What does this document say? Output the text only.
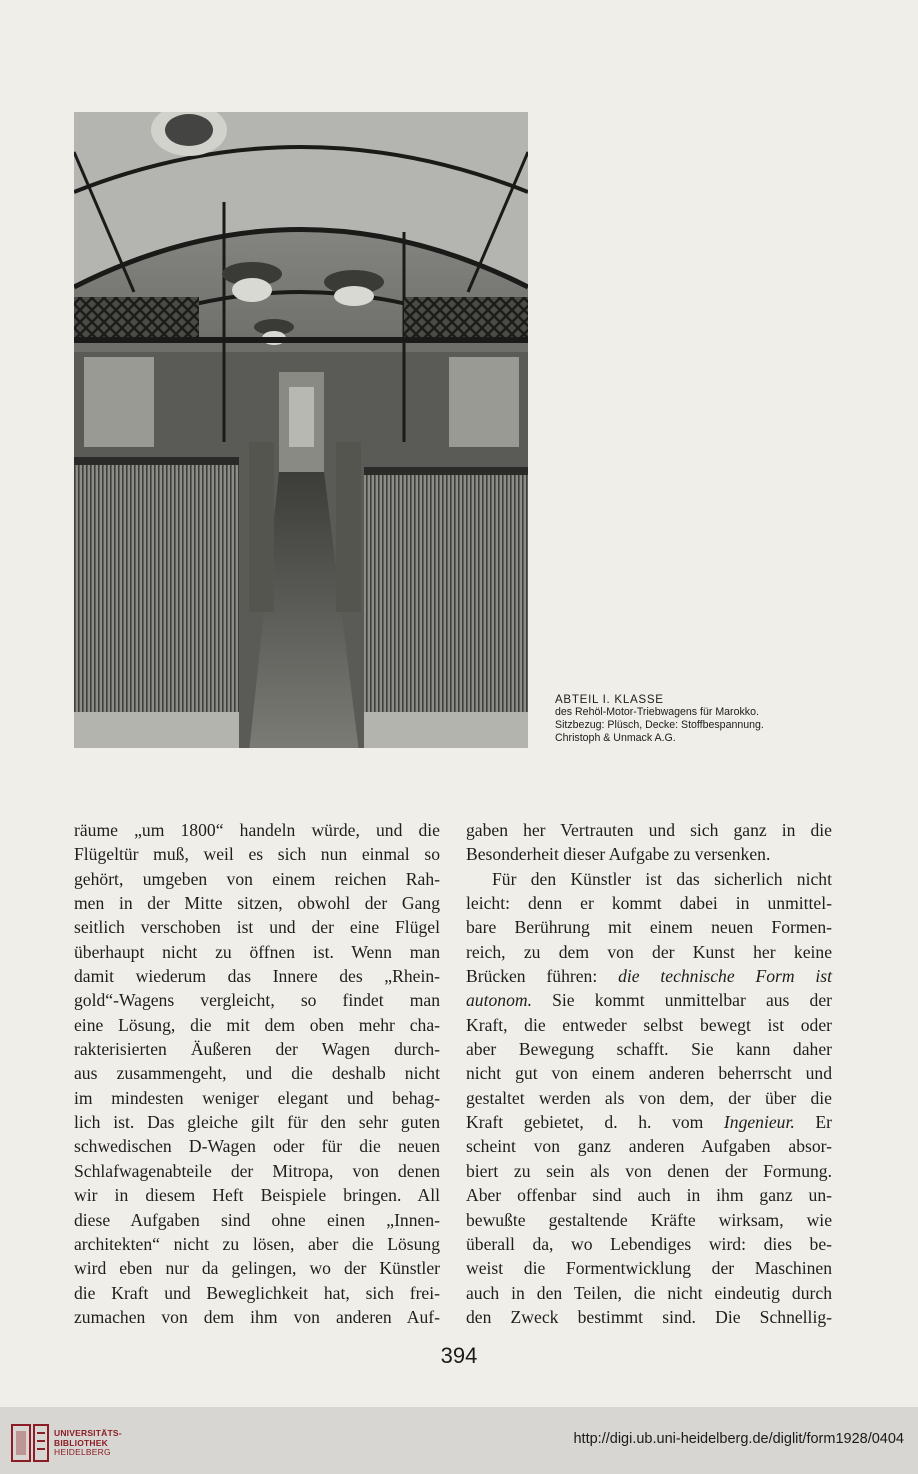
ABTEIL I. KLASSE
des Rehöl-Motor-Triebwagens für Marokko.
Sitzbezug: Plüsch, Decke: Stoffbespannung.
Christoph & Unmack A.G.
räume „um 1800“ handeln würde, und die
Flügeltür muß, weil es sich nun einmal so
gehört, umgeben von einem reichen Rah-
men in der Mitte sitzen, obwohl der Gang
seitlich verschoben ist und der eine Flügel
überhaupt nicht zu öffnen ist. Wenn man
damit wiederum das Innere des „Rhein-
gold“-Wagens vergleicht, so findet man
eine Lösung, die mit dem oben mehr cha-
rakterisierten Äußeren der Wagen durch-
aus zusammengeht, und die deshalb nicht
im mindesten weniger elegant und behag-
lich ist. Das gleiche gilt für den sehr guten
schwedischen D-Wagen oder für die neuen
Schlafwagenabteile der Mitropa, von denen
wir in diesem Heft Beispiele bringen. All
diese Aufgaben sind ohne einen „Innen-
architekten“ nicht zu lösen, aber die Lösung
wird eben nur da gelingen, wo der Künstler
die Kraft und Beweglichkeit hat, sich frei-
zumachen von dem ihm von anderen Auf-
gaben her Vertrauten und sich ganz in die
Besonderheit dieser Aufgabe zu versenken.
Für den Künstler ist das sicherlich nicht
leicht: denn er kommt dabei in unmittel-
bare Berührung mit einem neuen Formen-
reich, zu dem von der Kunst her keine
Brücken führen: die technische Form ist
autonom. Sie kommt unmittelbar aus der
Kraft, die entweder selbst bewegt ist oder
aber Bewegung schafft. Sie kann daher
nicht gut von einem anderen beherrscht und
gestaltet werden als von dem, der über die
Kraft gebietet, d. h. vom Ingenieur. Er
scheint von ganz anderen Aufgaben absor-
biert zu sein als von denen der Formung.
Aber offenbar sind auch in ihm ganz un-
bewußte gestaltende Kräfte wirksam, wie
überall da, wo Lebendiges wird: dies be-
weist die Formentwicklung der Maschinen
auch in den Teilen, die nicht eindeutig durch
den Zweck bestimmt sind. Die Schnellig-
394
UNIVERSITÄTS-
BIBLIOTHEK
HEIDELBERG
http://digi.ub.uni-heidelberg.de/diglit/form1928/0404
